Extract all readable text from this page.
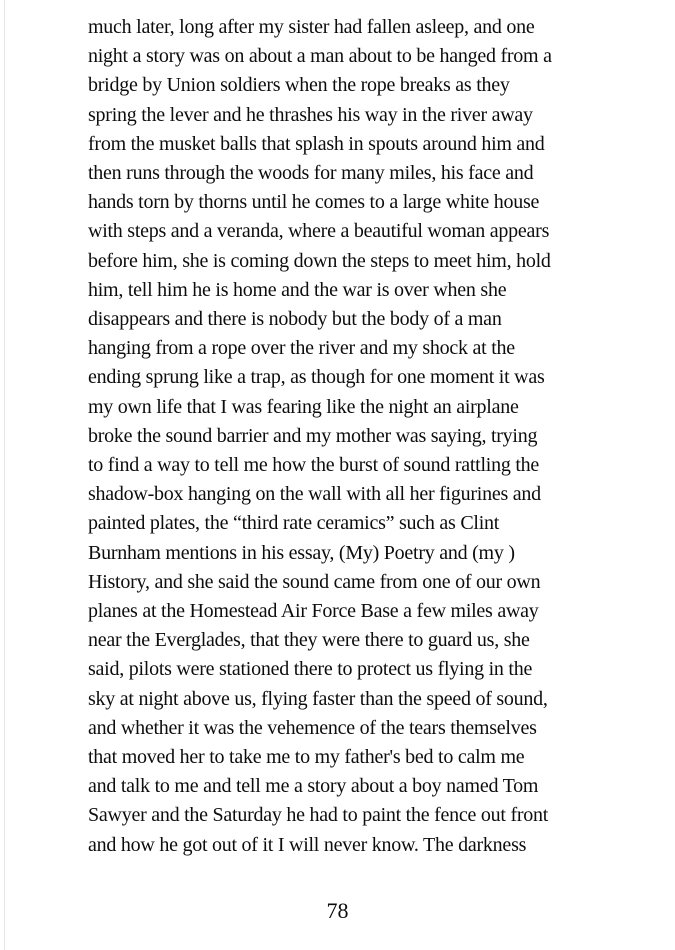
much later, long after my sister had fallen asleep, and one
night a story was on about a man about to be hanged from a
bridge by Union soldiers when the rope breaks as they
spring the lever and he thrashes his way in the river away
from the musket balls that splash in spouts around him and
then runs through the woods for many miles, his face and
hands torn by thorns until he comes to a large white house
with steps and a veranda, where a beautiful woman appears
before him, she is coming down the steps to meet him, hold
him, tell him he is home and the war is over when she
disappears and there is nobody but the body of a man
hanging from a rope over the river and my shock at the
ending sprung like a trap, as though for one moment it was
my own life that I was fearing like the night an airplane
broke the sound barrier and my mother was saying, trying
to find a way to tell me how the burst of sound rattling the
shadow-box hanging on the wall with all her figurines and
painted plates, the “third rate ceramics” such as Clint
Burnham mentions in his essay, (My) Poetry and (my )
History, and she said the sound came from one of our own
planes at the Homestead Air Force Base a few miles away
near the Everglades, that they were there to guard us, she
said, pilots were stationed there to protect us flying in the
sky at night above us, flying faster than the speed of sound,
and whether it was the vehemence of the tears themselves
that moved her to take me to my father's bed to calm me
and talk to me and tell me a story about a boy named Tom
Sawyer and the Saturday he had to paint the fence out front
and how he got out of it I will never know. The darkness
78
